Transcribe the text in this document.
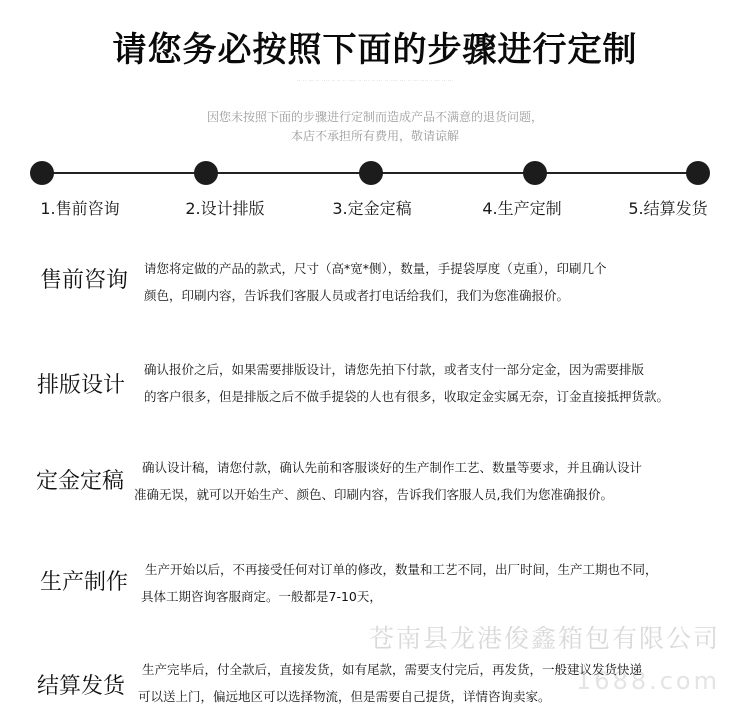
请您务必按照下面的步骤进行定制
·· ·· ··· ·· ···· ·· ·· ·· ···· ·· ··· ·· ··· ·· ···· ··· ·· ··· ···· · ··· ·· ···
因您未按照下面的步骤进行定制而造成产品不满意的退货问题，
本店不承担所有费用，敬请谅解
1.售前咨询	2.设计排版	3.定金定稿	4.生产定制	5.结算发货
售前咨询 请您将定做的产品的款式，尺寸（高*宽*侧），数量，手提袋厚度（克重），印刷几个
颜色，印刷内容，告诉我们客服人员或者打电话给我们，我们为您准确报价。
排版设计
确认报价之后，如果需要排版设计，请您先拍下付款，或者支付一部分定金，因为需要排版
的客户很多，但是排版之后不做手提袋的人也有很多，收取定金实属无奈，订金直接抵押货款。
定金定稿
确认设计稿，请您付款，确认先前和客服谈好的生产制作工艺、数量等要求，并且确认设计
准确无误，就可以开始生产、颜色、印刷内容，告诉我们客服人员,我们为您准确报价。
生产制作
生产开始以后，不再接受任何对订单的修改，数量和工艺不同，出厂时间，生产工期也不同，
具体工期咨询客服商定。一般都是7-10天，
苍南县龙港俊鑫箱包有限公司
1688.com
结算发货
生产完毕后，付全款后，直接发货，如有尾款，需要支付完后，再发货，一般建议发货快递
可以送上门，偏远地区可以选择物流，但是需要自己提货，详情咨询卖家。
